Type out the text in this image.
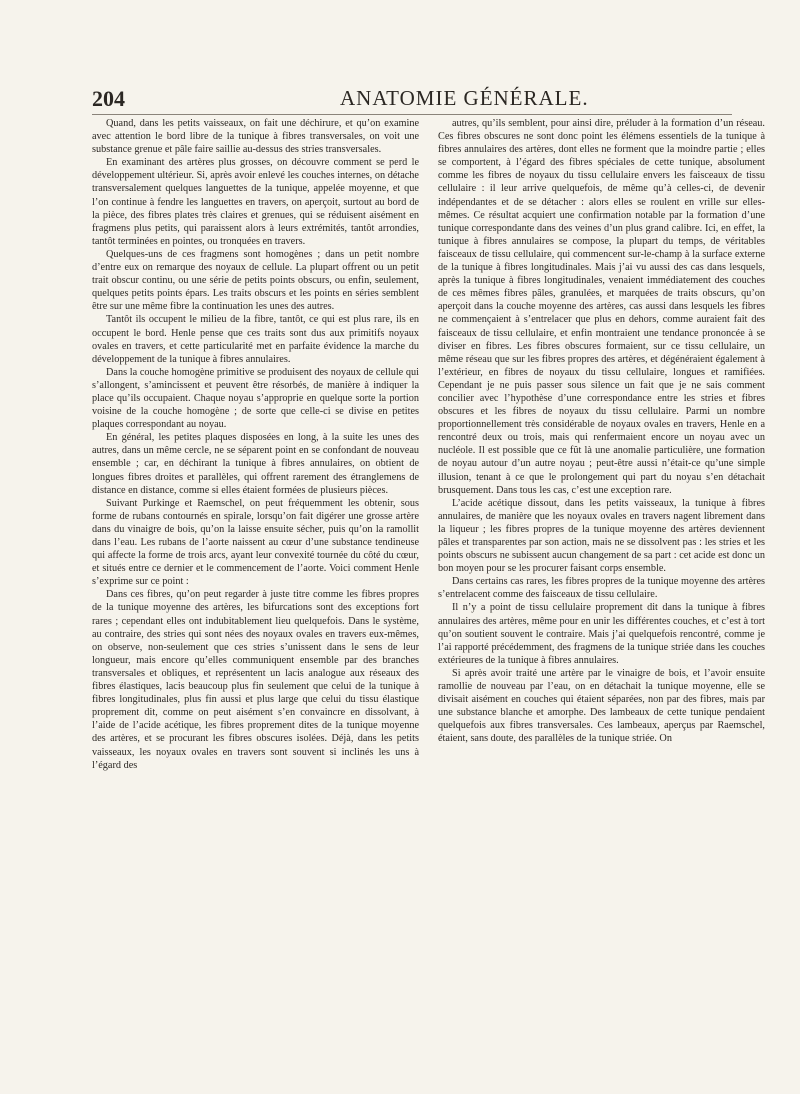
204	ANATOMIE GÉNÉRALE.

Quand, dans les petits vaisseaux, on fait une déchirure, et qu’on examine avec attention le bord libre de la tunique à fibres transversales, on voit une substance grenue et pâle faire saillie au-dessus des stries transversales.

En examinant des artères plus grosses, on découvre comment se perd le développement ultérieur. Si, après avoir enlevé les couches internes, on détache transversalement quelques languettes de la tunique, appelée moyenne, et que l’on continue à fendre les languettes en travers, on aperçoit, surtout au bord de la pièce, des fibres plates très claires et grenues, qui se réduisent aisément en fragmens plus petits, qui paraissent alors à leurs extrémités, tantôt arrondies, tantôt terminées en pointes, ou tronquées en travers.

Quelques-uns de ces fragmens sont homogènes ; dans un petit nombre d’entre eux on remarque des noyaux de cellule. La plupart offrent ou un petit trait obscur continu, ou une série de petits points obscurs, ou enfin, seulement, quelques petits points épars. Les traits obscurs et les points en séries semblent être sur une même fibre la continuation les unes des autres.

Tantôt ils occupent le milieu de la fibre, tantôt, ce qui est plus rare, ils en occupent le bord. Henle pense que ces traits sont dus aux primitifs noyaux ovales en travers, et cette particularité met en parfaite évidence la marche du développement de la tunique à fibres annulaires.

Dans la couche homogène primitive se produisent des noyaux de cellule qui s’allongent, s’amincissent et peuvent être résorbés, de manière à indiquer la place qu’ils occupaient. Chaque noyau s’approprie en quelque sorte la portion voisine de la couche homogène ; de sorte que celle-ci se divise en petites plaques correspondant au noyau.

En général, les petites plaques disposées en long, à la suite les unes des autres, dans un même cercle, ne se séparent point en se confondant de nouveau ensemble ; car, en déchirant la tunique à fibres annulaires, on obtient de longues fibres droites et parallèles, qui offrent rarement des étranglemens de distance en distance, comme si elles étaient formées de plusieurs pièces.

Suivant Purkinge et Raemschel, on peut fréquemment les obtenir, sous forme de rubans contournés en spirale, lorsqu’on fait digérer une grosse artère dans du vinaigre de bois, qu’on la laisse ensuite sécher, puis qu’on la ramollit dans l’eau. Les rubans de l’aorte naissent au cœur d’une substance tendineuse qui affecte la forme de trois arcs, ayant leur convexité tournée du côté du cœur, et situés entre ce dernier et le commencement de l’aorte. Voici comment Henle s’exprime sur ce point :

Dans ces fibres, qu’on peut regarder à juste titre comme les fibres propres de la tunique moyenne des artères, les bifurcations sont des exceptions fort rares ; cependant elles ont indubitablement lieu quelquefois. Dans le système, au contraire, des stries qui sont nées des noyaux ovales en travers eux-mêmes, on observe, non-seulement que ces stries s’unissent dans le sens de leur longueur, mais encore qu’elles communiquent ensemble par des branches transversales et obliques, et représentent un lacis analogue aux réseaux des fibres élastiques, lacis beaucoup plus fin seulement que celui de la tunique à fibres longitudinales, plus fin aussi et plus large que celui du tissu élastique proprement dit, comme on peut aisément s’en convaincre en dissolvant, à l’aide de l’acide acétique, les fibres proprement dites de la tunique moyenne des artères, et se procurant les fibres obscures isolées. Déjà, dans les petits vaisseaux, les noyaux ovales en travers sont souvent si inclinés les uns à l’égard des

autres, qu’ils semblent, pour ainsi dire, préluder à la formation d’un réseau. Ces fibres obscures ne sont donc point les élémens essentiels de la tunique à fibres annulaires des artères, dont elles ne forment que la moindre partie ; elles se comportent, à l’égard des fibres spéciales de cette tunique, absolument comme les fibres de noyaux du tissu cellulaire envers les faisceaux de tissu cellulaire : il leur arrive quelquefois, de même qu’à celles-ci, de devenir indépendantes et de se détacher : alors elles se roulent en vrille sur elles-mêmes. Ce résultat acquiert une confirmation notable par la formation d’une tunique correspondante dans des veines d’un plus grand calibre. Ici, en effet, la tunique à fibres annulaires se compose, la plupart du temps, de véritables faisceaux de tissu cellulaire, qui commencent sur-le-champ à la surface externe de la tunique à fibres longitudinales. Mais j’ai vu aussi des cas dans lesquels, après la tunique à fibres longitudinales, venaient immédiatement des couches de ces mêmes fibres pâles, granulées, et marquées de traits obscurs, qu’on aperçoit dans la couche moyenne des artères, cas aussi dans lesquels les fibres ne commençaient à s’entrelacer que plus en dehors, comme auraient fait des faisceaux de tissu cellulaire, et enfin montraient une tendance prononcée à se diviser en fibres. Les fibres obscures formaient, sur ce tissu cellulaire, un même réseau que sur les fibres propres des artères, et dégénéraient également à l’extérieur, en fibres de noyaux du tissu cellulaire, longues et ramifiées. Cependant je ne puis passer sous silence un fait que je ne sais comment concilier avec l’hypothèse d’une correspondance entre les stries et fibres obscures et les fibres de noyaux du tissu cellulaire. Parmi un nombre proportionnellement très considérable de noyaux ovales en travers, Henle en a rencontré deux ou trois, mais qui renfermaient encore un noyau avec un nucléole. Il est possible que ce fût là une anomalie particulière, une formation de noyau autour d’un autre noyau ; peut-être aussi n’était-ce qu’une simple illusion, tenant à ce que le prolongement qui part du noyau s’en détachait brusquement. Dans tous les cas, c’est une exception rare.

L’acide acétique dissout, dans les petits vaisseaux, la tunique à fibres annulaires, de manière que les noyaux ovales en travers nagent librement dans la liqueur ; les fibres propres de la tunique moyenne des artères deviennent pâles et transparentes par son action, mais ne se dissolvent pas : les stries et les points obscurs ne subissent aucun changement de sa part : cet acide est donc un bon moyen pour se les procurer faisant corps ensemble.

Dans certains cas rares, les fibres propres de la tunique moyenne des artères s’entrelacent comme des faisceaux de tissu cellulaire.

Il n’y a point de tissu cellulaire proprement dit dans la tunique à fibres annulaires des artères, même pour en unir les différentes couches, et c’est à tort qu’on soutient souvent le contraire. Mais j’ai quelquefois rencontré, comme je l’ai rapporté précédemment, des fragmens de la tunique striée dans les couches extérieures de la tunique à fibres annulaires.

Si après avoir traité une artère par le vinaigre de bois, et l’avoir ensuite ramollie de nouveau par l’eau, on en détachait la tunique moyenne, elle se divisait aisément en couches qui étaient séparées, non par des fibres, mais par une substance blanche et amorphe. Des lambeaux de cette tunique pendaient quelquefois aux fibres transversales. Ces lambeaux, aperçus par Raemschel, étaient, sans doute, des parallèles de la tunique striée. On
